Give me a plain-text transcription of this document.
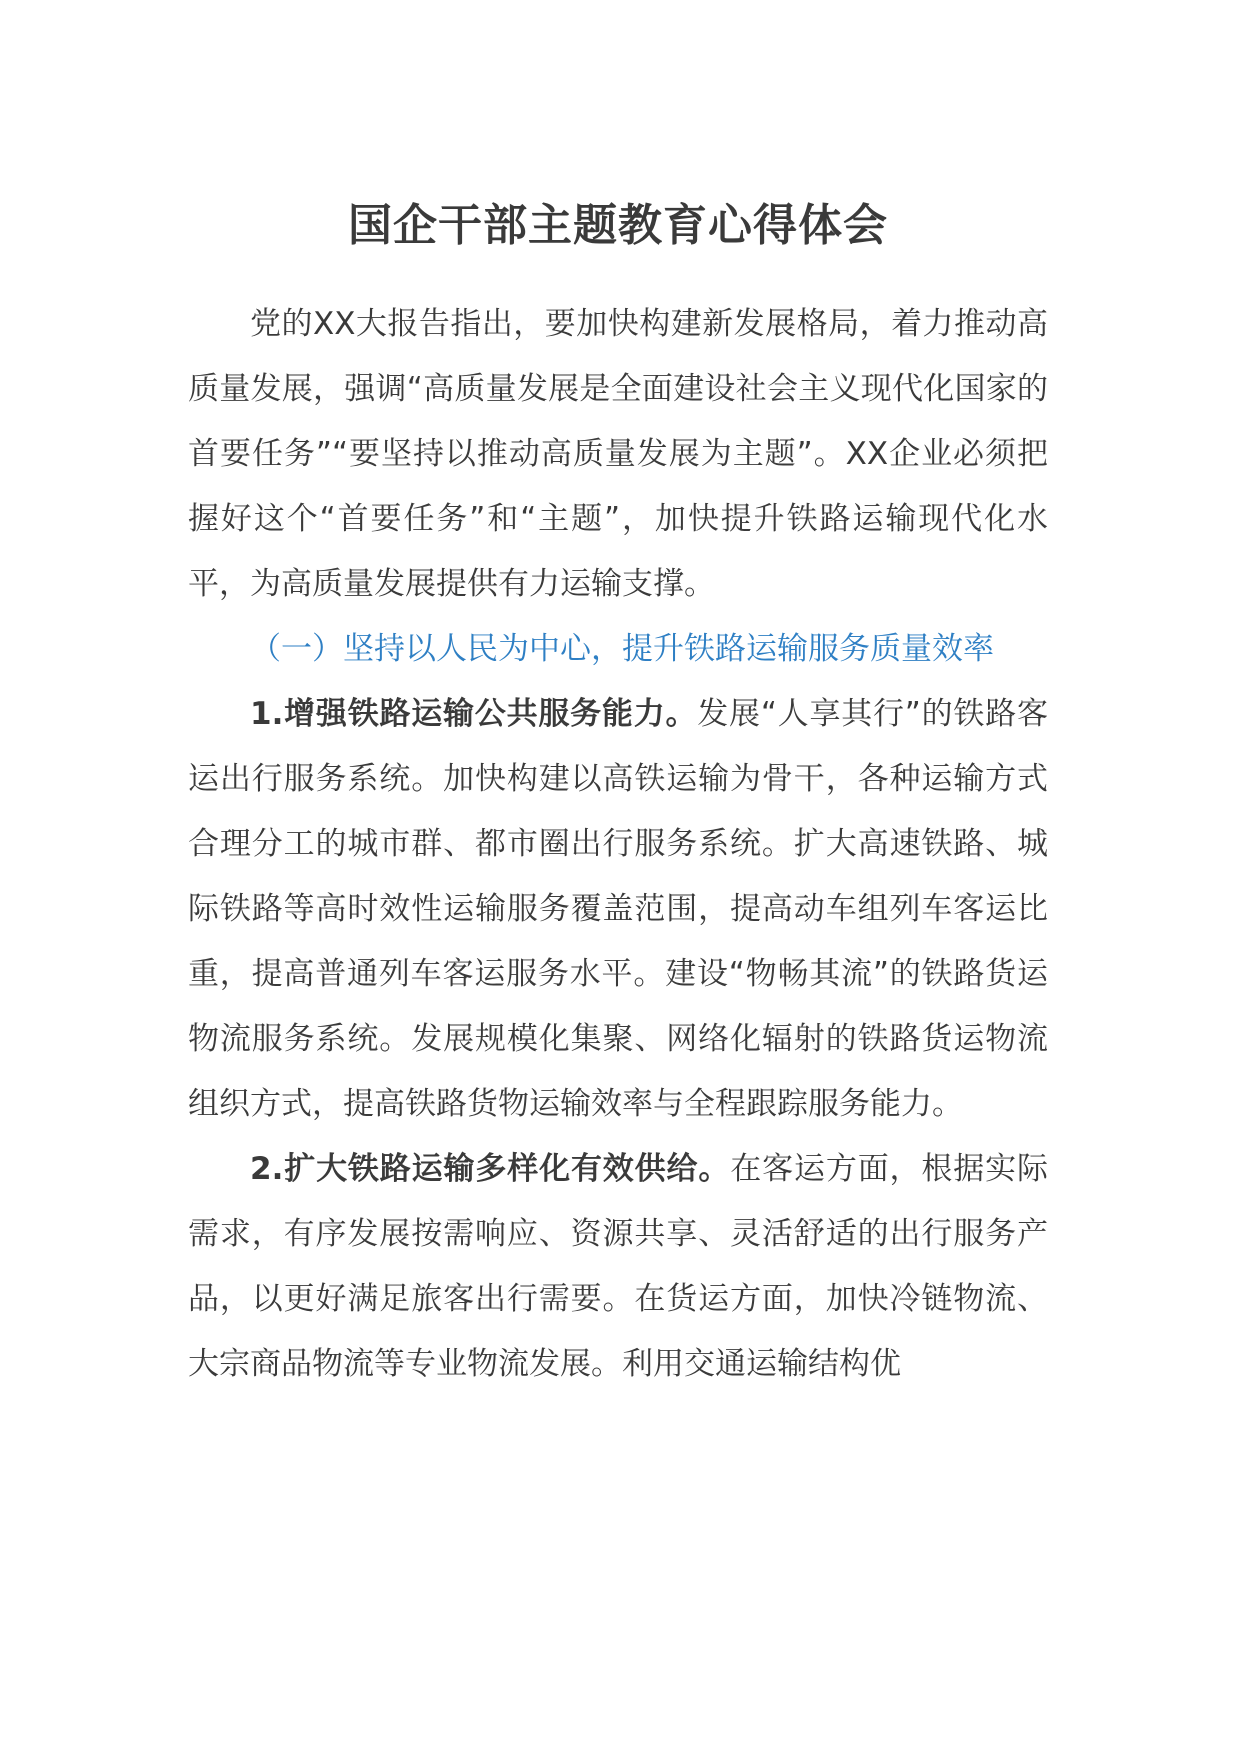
国企干部主题教育心得体会

党的XX大报告指出，要加快构建新发展格局，着力推动高质量发展，强调“高质量发展是全面建设社会主义现代化国家的首要任务”“要坚持以推动高质量发展为主题”。XX企业必须把握好这个“首要任务”和“主题”，加快提升铁路运输现代化水平，为高质量发展提供有力运输支撑。

（一）坚持以人民为中心，提升铁路运输服务质量效率

1.增强铁路运输公共服务能力。发展“人享其行”的铁路客运出行服务系统。加快构建以高铁运输为骨干，各种运输方式合理分工的城市群、都市圈出行服务系统。扩大高速铁路、城际铁路等高时效性运输服务覆盖范围，提高动车组列车客运比重，提高普通列车客运服务水平。建设“物畅其流”的铁路货运物流服务系统。发展规模化集聚、网络化辐射的铁路货运物流组织方式，提高铁路货物运输效率与全程跟踪服务能力。

2.扩大铁路运输多样化有效供给。在客运方面，根据实际需求，有序发展按需响应、资源共享、灵活舒适的出行服务产品，以更好满足旅客出行需要。在货运方面，加快冷链物流、大宗商品物流等专业物流发展。利用交通运输结构优
